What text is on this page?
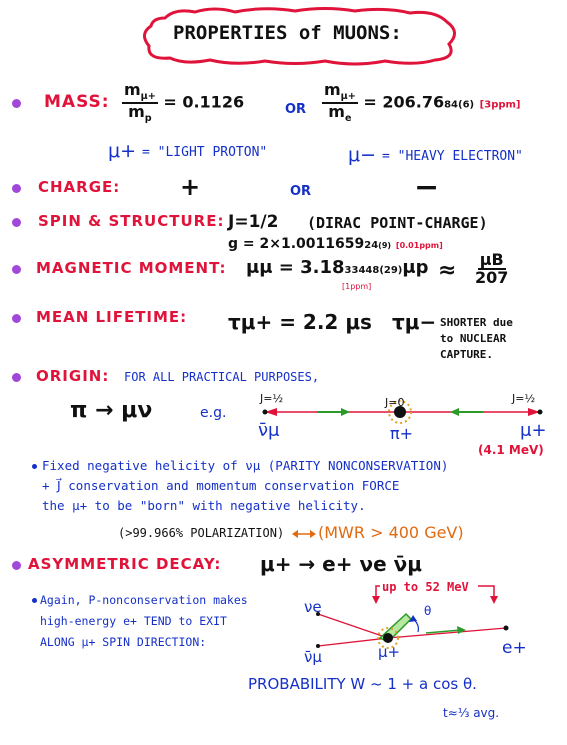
PROPERTIES of MUONS:
MASS: $\frac{m_{\mu+}}{m_p} = 0.1126$	OR $\frac{m_{\mu+}}{m_e} = 206.7684(6)$ [3ppm]
μ+ = "LIGHT PROTON"	μ− = "HEAVY ELECTRON"
CHARGE: +	OR	−
SPIN & STRUCTURE: J=1/2 (DIRAC POINT-CHARGE)
g = 2×1.001165924(9) [0.01ppm]
MAGNETIC MOMENT: μμ = 3.1833448(29)μp
[1ppm]
≈ $\frac{\mu B}{207}$
MEAN LIFETIME: τμ+ = 2.2 μs τμ− SHORTER due
to NUCLEAR
CAPTURE.
ORIGIN: FOR ALL PRACTICAL PURPOSES,
π → μν	e.g.
J=½	J=0	J=½
ν̄μ	π+	μ+
(4.1 MeV)
Fixed negative helicity of νμ (PARITY NONCONSERVATION)
+ J⃗ conservation and momentum conservation FORCE
the μ+ to be "born" with negative helicity.
(>99.966% POLARIZATION) (MWR > 400 GeV)
ASYMMETRIC DECAY: μ+ → e+ νe ν̄μ
up to 52 MeV
Again, P-nonconservation makes
high-energy e+ TEND to EXIT
ALONG μ+ SPIN DIRECTION:
νe
ν̄μ
θ
μ+	e+
PROBABILITY W ~ 1 + a cos θ.
t≈⅓ avg.
